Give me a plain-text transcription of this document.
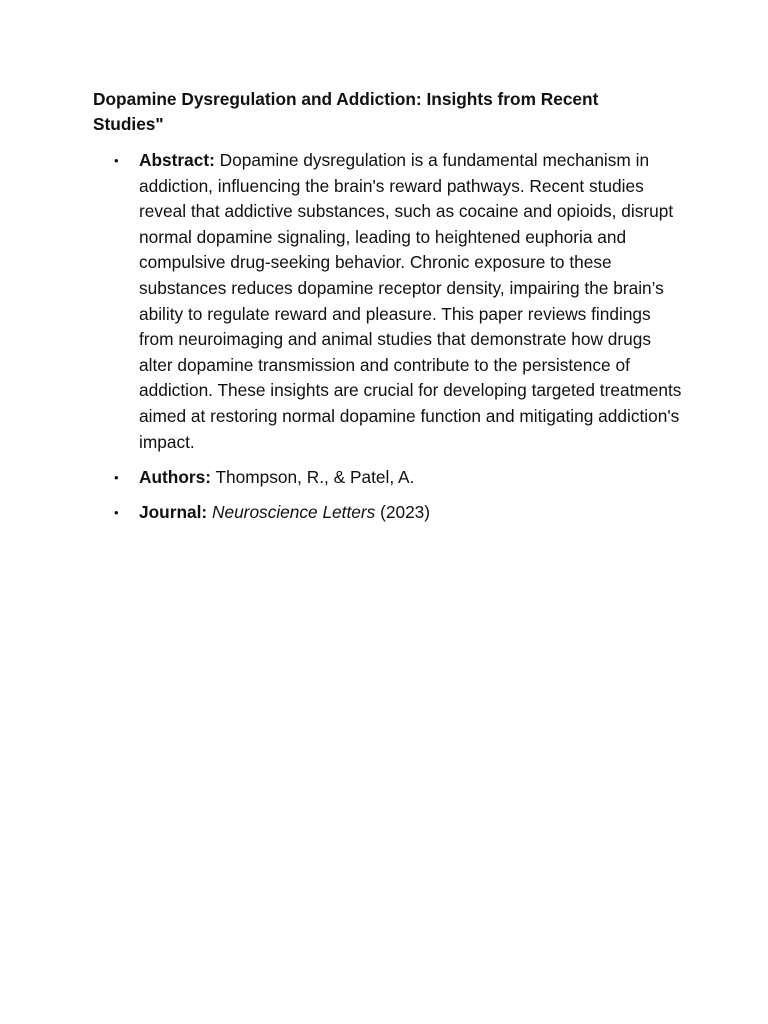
Dopamine Dysregulation and Addiction: Insights from Recent Studies"
• Abstract: Dopamine dysregulation is a fundamental mechanism in addiction, influencing the brain's reward pathways. Recent studies reveal that addictive substances, such as cocaine and opioids, disrupt normal dopamine signaling, leading to heightened euphoria and compulsive drug-seeking behavior. Chronic exposure to these substances reduces dopamine receptor density, impairing the brain’s ability to regulate reward and pleasure. This paper reviews findings from neuroimaging and animal studies that demonstrate how drugs alter dopamine transmission and contribute to the persistence of addiction. These insights are crucial for developing targeted treatments aimed at restoring normal dopamine function and mitigating addiction's impact.
• Authors: Thompson, R., & Patel, A.
• Journal: Neuroscience Letters (2023)
